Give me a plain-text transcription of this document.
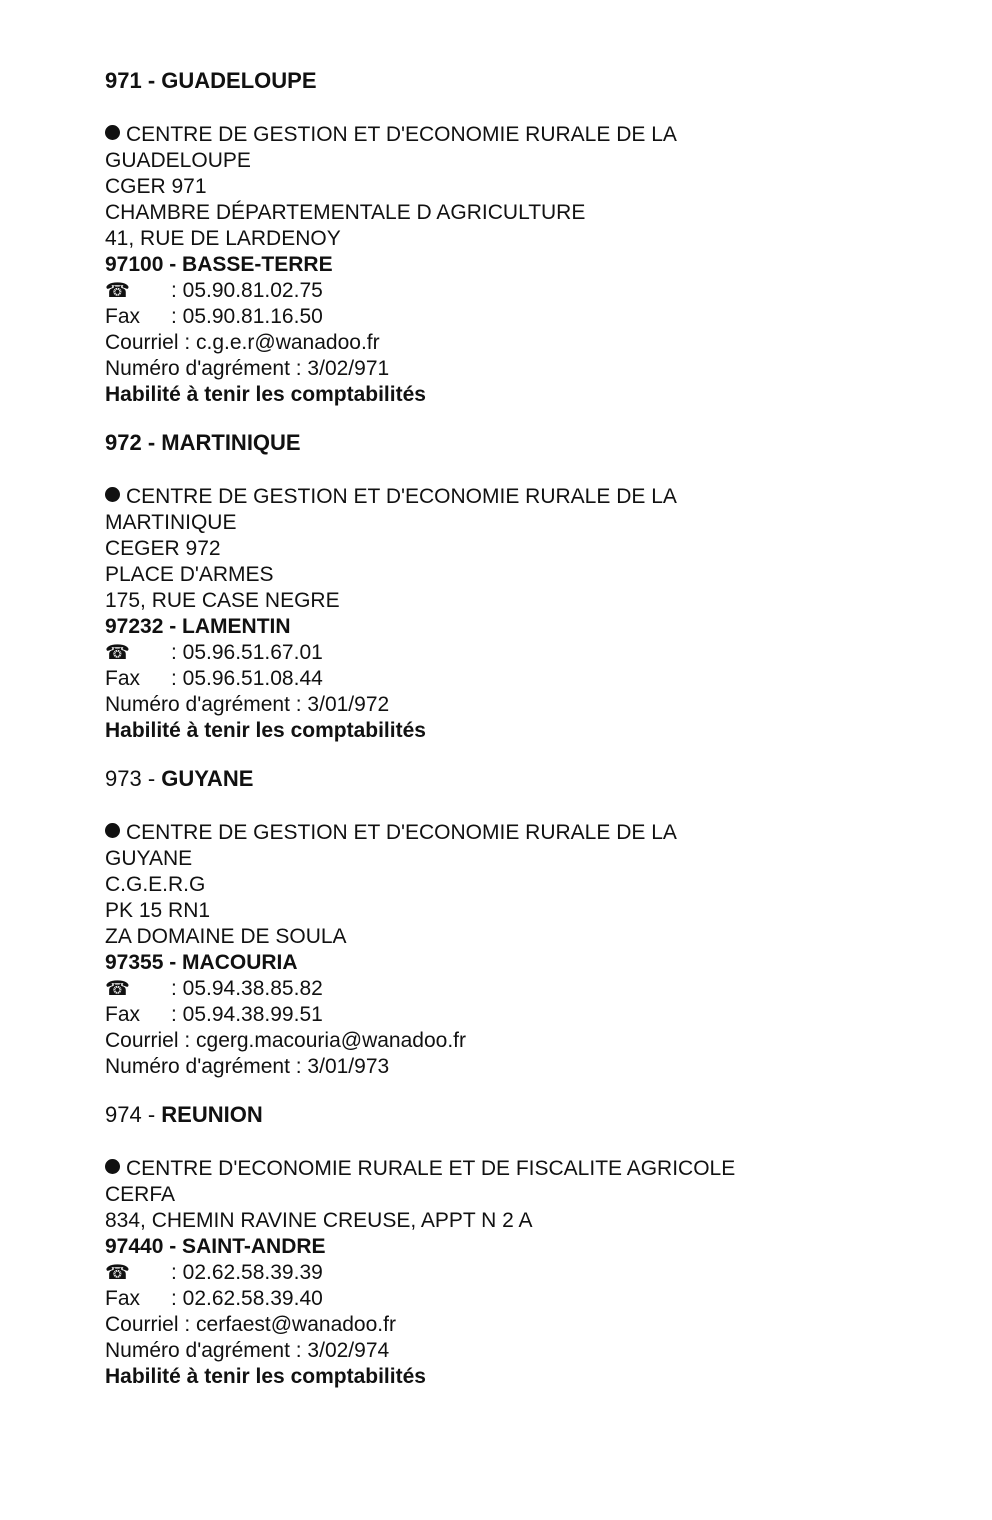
971 - GUADELOUPE
CENTRE DE GESTION ET D'ECONOMIE RURALE DE LA
GUADELOUPE
CGER 971
CHAMBRE DÉPARTEMENTALE D AGRICULTURE
41, RUE DE LARDENOY
97100 - BASSE-TERRE
☎ : 05.90.81.02.75
Fax : 05.90.81.16.50
Courriel : c.g.e.r@wanadoo.fr
Numéro d'agrément : 3/02/971
Habilité à tenir les comptabilités
972 - MARTINIQUE
CENTRE DE GESTION ET D'ECONOMIE RURALE DE LA
MARTINIQUE
CEGER 972
PLACE D'ARMES
175, RUE CASE NEGRE
97232 - LAMENTIN
☎ : 05.96.51.67.01
Fax : 05.96.51.08.44
Numéro d'agrément : 3/01/972
Habilité à tenir les comptabilités
973 - GUYANE
CENTRE DE GESTION ET D'ECONOMIE RURALE DE LA
GUYANE
C.G.E.R.G
PK 15 RN1
ZA DOMAINE DE SOULA
97355 - MACOURIA
☎ : 05.94.38.85.82
Fax : 05.94.38.99.51
Courriel : cgerg.macouria@wanadoo.fr
Numéro d'agrément : 3/01/973
974 - REUNION
CENTRE D'ECONOMIE RURALE ET DE FISCALITE AGRICOLE
CERFA
834, CHEMIN RAVINE CREUSE, APPT N 2 A
97440 - SAINT-ANDRE
☎ : 02.62.58.39.39
Fax : 02.62.58.39.40
Courriel : cerfaest@wanadoo.fr
Numéro d'agrément : 3/02/974
Habilité à tenir les comptabilités
